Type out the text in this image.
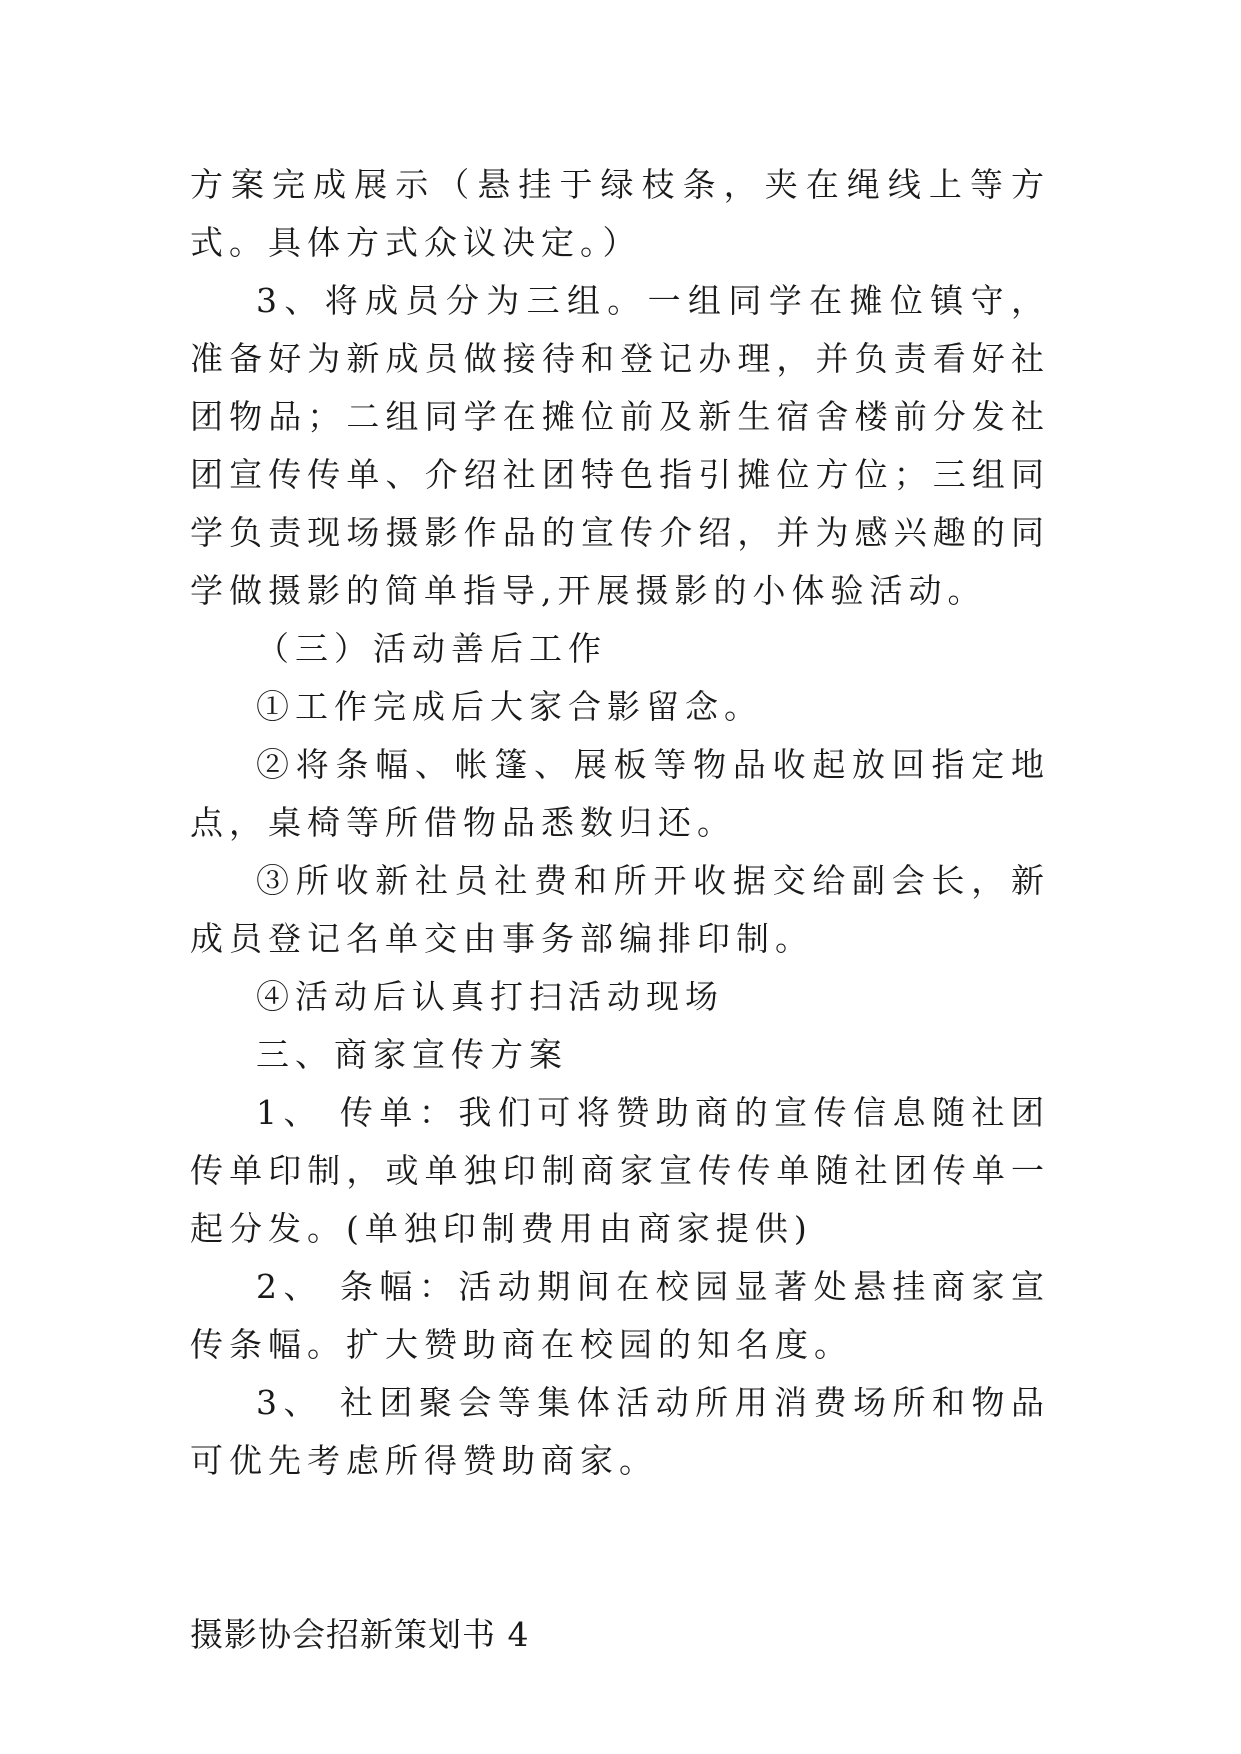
方案完成展示（悬挂于绿枝条，夹在绳线上等方式。具体方式众议决定。）

3、将成员分为三组。一组同学在摊位镇守，准备好为新成员做接待和登记办理，并负责看好社团物品；二组同学在摊位前及新生宿舍楼前分发社团宣传传单、介绍社团特色指引摊位方位；三组同学负责现场摄影作品的宣传介绍，并为感兴趣的同学做摄影的简单指导,开展摄影的小体验活动。

（三）活动善后工作

①工作完成后大家合影留念。

②将条幅、帐篷、展板等物品收起放回指定地点，桌椅等所借物品悉数归还。

③所收新社员社费和所开收据交给副会长，新成员登记名单交由事务部编排印制。

④活动后认真打扫活动现场

三、商家宣传方案

1、 传单：我们可将赞助商的宣传信息随社团传单印制，或单独印制商家宣传传单随社团传单一起分发。(单独印制费用由商家提供)

2、 条幅：活动期间在校园显著处悬挂商家宣传条幅。扩大赞助商在校园的知名度。

3、 社团聚会等集体活动所用消费场所和物品可优先考虑所得赞助商家。

摄影协会招新策划书 4
